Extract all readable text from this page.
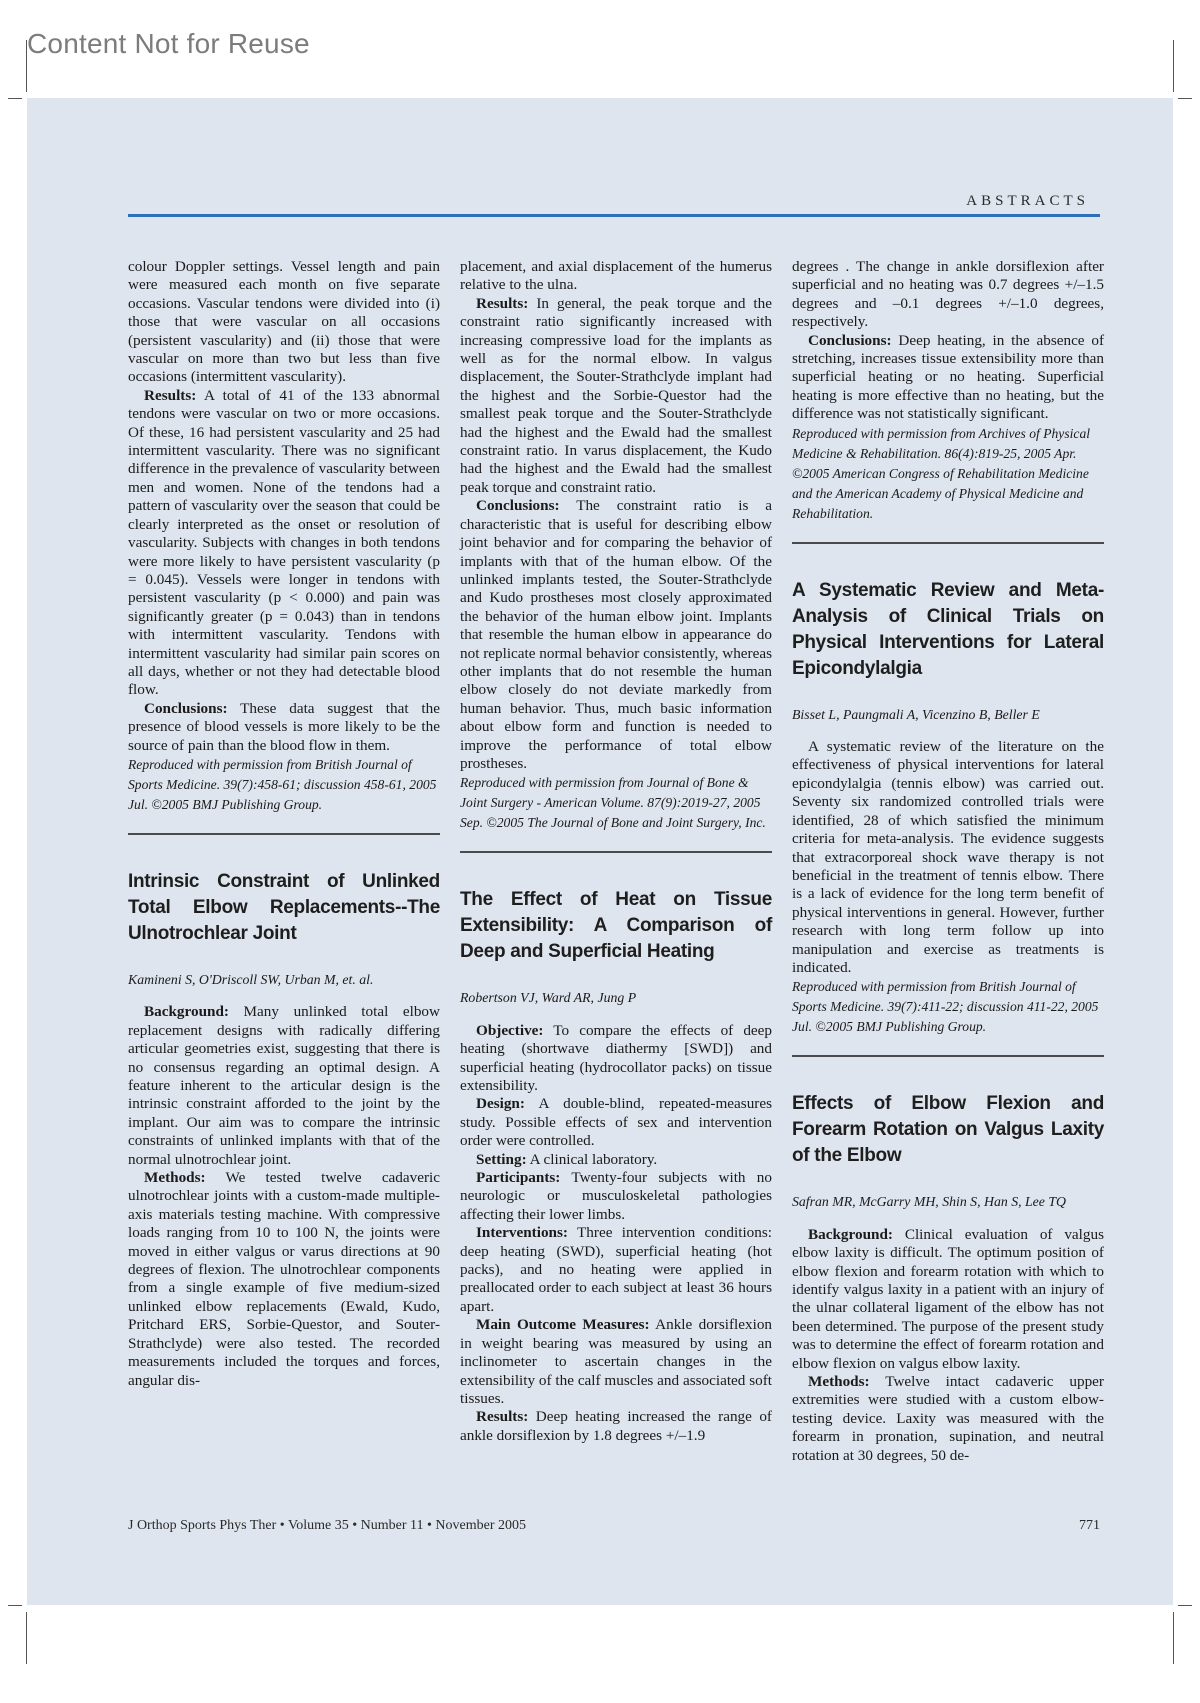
Content Not for Reuse
ABSTRACTS

colour Doppler settings. Vessel length and pain were measured each month on five separate occasions. Vascular tendons were divided into (i) those that were vascular on all occasions (persistent vascularity) and (ii) those that were vascular on more than two but less than five occasions (intermittent vascularity).

Results: A total of 41 of the 133 abnormal tendons were vascular on two or more occasions. Of these, 16 had persistent vascularity and 25 had intermittent vascularity. There was no significant difference in the prevalence of vascularity between men and women. None of the tendons had a pattern of vascularity over the season that could be clearly interpreted as the onset or resolution of vascularity. Subjects with changes in both tendons were more likely to have persistent vascularity (p = 0.045). Vessels were longer in tendons with persistent vascularity (p < 0.000) and pain was significantly greater (p = 0.043) than in tendons with intermittent vascularity. Tendons with intermittent vascularity had similar pain scores on all days, whether or not they had detectable blood flow.

Conclusions: These data suggest that the presence of blood vessels is more likely to be the source of pain than the blood flow in them.

Reproduced with permission from British Journal of Sports Medicine. 39(7):458-61; discussion 458-61, 2005 Jul. ©2005 BMJ Publishing Group.

Intrinsic Constraint of Unlinked Total Elbow Replacements--The Ulnotrochlear Joint
Kamineni S, O'Driscoll SW, Urban M, et. al.

Background: Many unlinked total elbow replacement designs with radically differing articular geometries exist, suggesting that there is no consensus regarding an optimal design. A feature inherent to the articular design is the intrinsic constraint afforded to the joint by the implant. Our aim was to compare the intrinsic constraints of unlinked implants with that of the normal ulnotrochlear joint.

Methods: We tested twelve cadaveric ulnotrochlear joints with a custom-made multiple-axis materials testing machine. With compressive loads ranging from 10 to 100 N, the joints were moved in either valgus or varus directions at 90 degrees of flexion. The ulnotrochlear components from a single example of five medium-sized unlinked elbow replacements (Ewald, Kudo, Pritchard ERS, Sorbie-Questor, and Souter-Strathclyde) were also tested. The recorded measurements included the torques and forces, angular dis-

placement, and axial displacement of the humerus relative to the ulna.

Results: In general, the peak torque and the constraint ratio significantly increased with increasing compressive load for the implants as well as for the normal elbow. In valgus displacement, the Souter-Strathclyde implant had the highest and the Sorbie-Questor had the smallest peak torque and the Souter-Strathclyde had the highest and the Ewald had the smallest constraint ratio. In varus displacement, the Kudo had the highest and the Ewald had the smallest peak torque and constraint ratio.

Conclusions: The constraint ratio is a characteristic that is useful for describing elbow joint behavior and for comparing the behavior of implants with that of the human elbow. Of the unlinked implants tested, the Souter-Strathclyde and Kudo prostheses most closely approximated the behavior of the human elbow joint. Implants that resemble the human elbow in appearance do not replicate normal behavior consistently, whereas other implants that do not resemble the human elbow closely do not deviate markedly from human behavior. Thus, much basic information about elbow form and function is needed to improve the performance of total elbow prostheses.

Reproduced with permission from Journal of Bone & Joint Surgery - American Volume. 87(9):2019-27, 2005 Sep. ©2005 The Journal of Bone and Joint Surgery, Inc.

The Effect of Heat on Tissue Extensibility: A Comparison of Deep and Superficial Heating
Robertson VJ, Ward AR, Jung P

Objective: To compare the effects of deep heating (shortwave diathermy [SWD]) and superficial heating (hydrocollator packs) on tissue extensibility.

Design: A double-blind, repeated-measures study. Possible effects of sex and intervention order were controlled.

Setting: A clinical laboratory.

Participants: Twenty-four subjects with no neurologic or musculoskeletal pathologies affecting their lower limbs.

Interventions: Three intervention conditions: deep heating (SWD), superficial heating (hot packs), and no heating were applied in preallocated order to each subject at least 36 hours apart.

Main Outcome Measures: Ankle dorsiflexion in weight bearing was measured by using an inclinometer to ascertain changes in the extensibility of the calf muscles and associated soft tissues.

Results: Deep heating increased the range of ankle dorsiflexion by 1.8 degrees +/–1.9

degrees . The change in ankle dorsiflexion after superficial and no heating was 0.7 degrees +/–1.5 degrees and –0.1 degrees +/–1.0 degrees, respectively.

Conclusions: Deep heating, in the absence of stretching, increases tissue extensibility more than superficial heating or no heating. Superficial heating is more effective than no heating, but the difference was not statistically significant.

Reproduced with permission from Archives of Physical Medicine & Rehabilitation. 86(4):819-25, 2005 Apr. ©2005 American Congress of Rehabilitation Medicine and the American Academy of Physical Medicine and Rehabilitation.

A Systematic Review and Meta-Analysis of Clinical Trials on Physical Interventions for Lateral Epicondylalgia
Bisset L, Paungmali A, Vicenzino B, Beller E

A systematic review of the literature on the effectiveness of physical interventions for lateral epicondylalgia (tennis elbow) was carried out. Seventy six randomized controlled trials were identified, 28 of which satisfied the minimum criteria for meta-analysis. The evidence suggests that extracorporeal shock wave therapy is not beneficial in the treatment of tennis elbow. There is a lack of evidence for the long term benefit of physical interventions in general. However, further research with long term follow up into manipulation and exercise as treatments is indicated.

Reproduced with permission from British Journal of Sports Medicine. 39(7):411-22; discussion 411-22, 2005 Jul. ©2005 BMJ Publishing Group.

Effects of Elbow Flexion and Forearm Rotation on Valgus Laxity of the Elbow
Safran MR, McGarry MH, Shin S, Han S, Lee TQ

Background: Clinical evaluation of valgus elbow laxity is difficult. The optimum position of elbow flexion and forearm rotation with which to identify valgus laxity in a patient with an injury of the ulnar collateral ligament of the elbow has not been determined. The purpose of the present study was to determine the effect of forearm rotation and elbow flexion on valgus elbow laxity.

Methods: Twelve intact cadaveric upper extremities were studied with a custom elbow-testing device. Laxity was measured with the forearm in pronation, supination, and neutral rotation at 30 degrees, 50 de-

J Orthop Sports Phys Ther • Volume 35 • Number 11 • November 2005	771
